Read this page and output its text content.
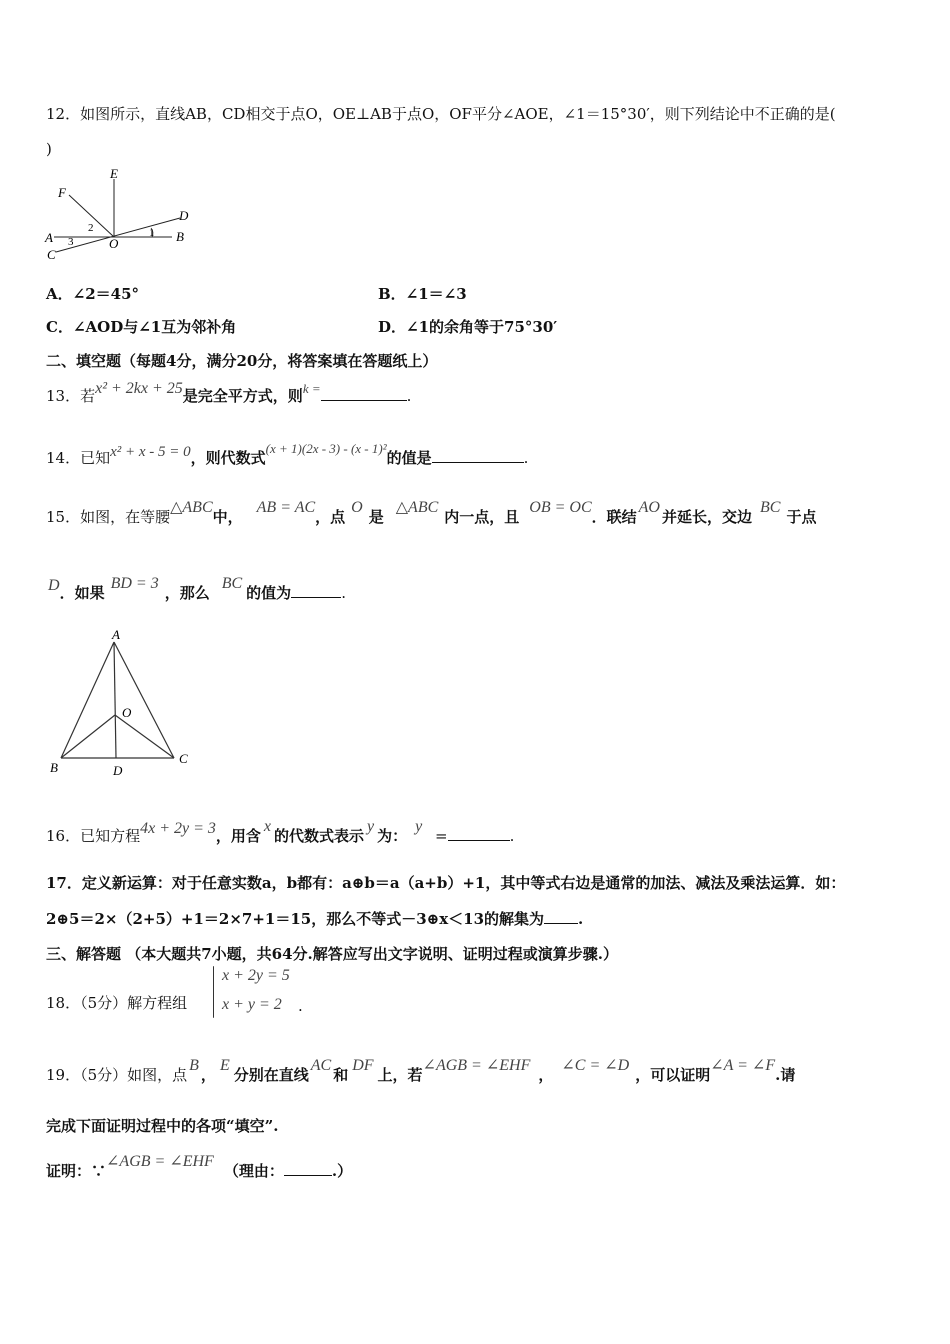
12．如图所示，直线AB，CD相交于点O，OE⊥AB于点O，OF平分∠AOE，∠1＝15°30′，则下列结论中不正确的是(
)
E
F
D
A	B
C
O
1
2
3
A．∠2＝45°	B．∠1＝∠3
C．∠AOD与∠1互为邻补角	D．∠1的余角等于75°30′
二、填空题（每题4分，满分20分，将答案填在答题纸上）
13．若x² + 2kx + 25是完全平方式，则k =	.
14．已知x² + x - 5 = 0，则代数式(x + 1)(2x - 3) - (x - 1)²的值是	.
15．如图，在等腰△ABC中，AB = AC，点O是△ABC内一点，且OB = OC．联结AO并延长，交边BC于点
D．如果BD = 3，那么BC的值为	.
A
O
B	D
C
16．已知方程4x + 2y = 3，用含x的代数式表示y为：y =	.
17．定义新运算：对于任意实数a，b都有：a⊕b＝a（a+b）+1，其中等式右边是通常的加法、减法及乘法运算．如：
2⊕5＝2×（2+5）+1＝2×7+1＝15，那么不等式－3⊕x＜13的解集为 .
三、解答题 （本大题共7小题，共64分.解答应写出文字说明、证明过程或演算步骤.）
18．（5分）解方程组
x + 2y = 5
x + y = 2 .
19．（5分）如图，点B，E分别在直线AC和DF上，若∠AGB = ∠EHF，∠C = ∠D，可以证明∠A = ∠F.请
完成下面证明过程中的各项“填空”.
证明：∵∠AGB = ∠EHF（理由：	.）
